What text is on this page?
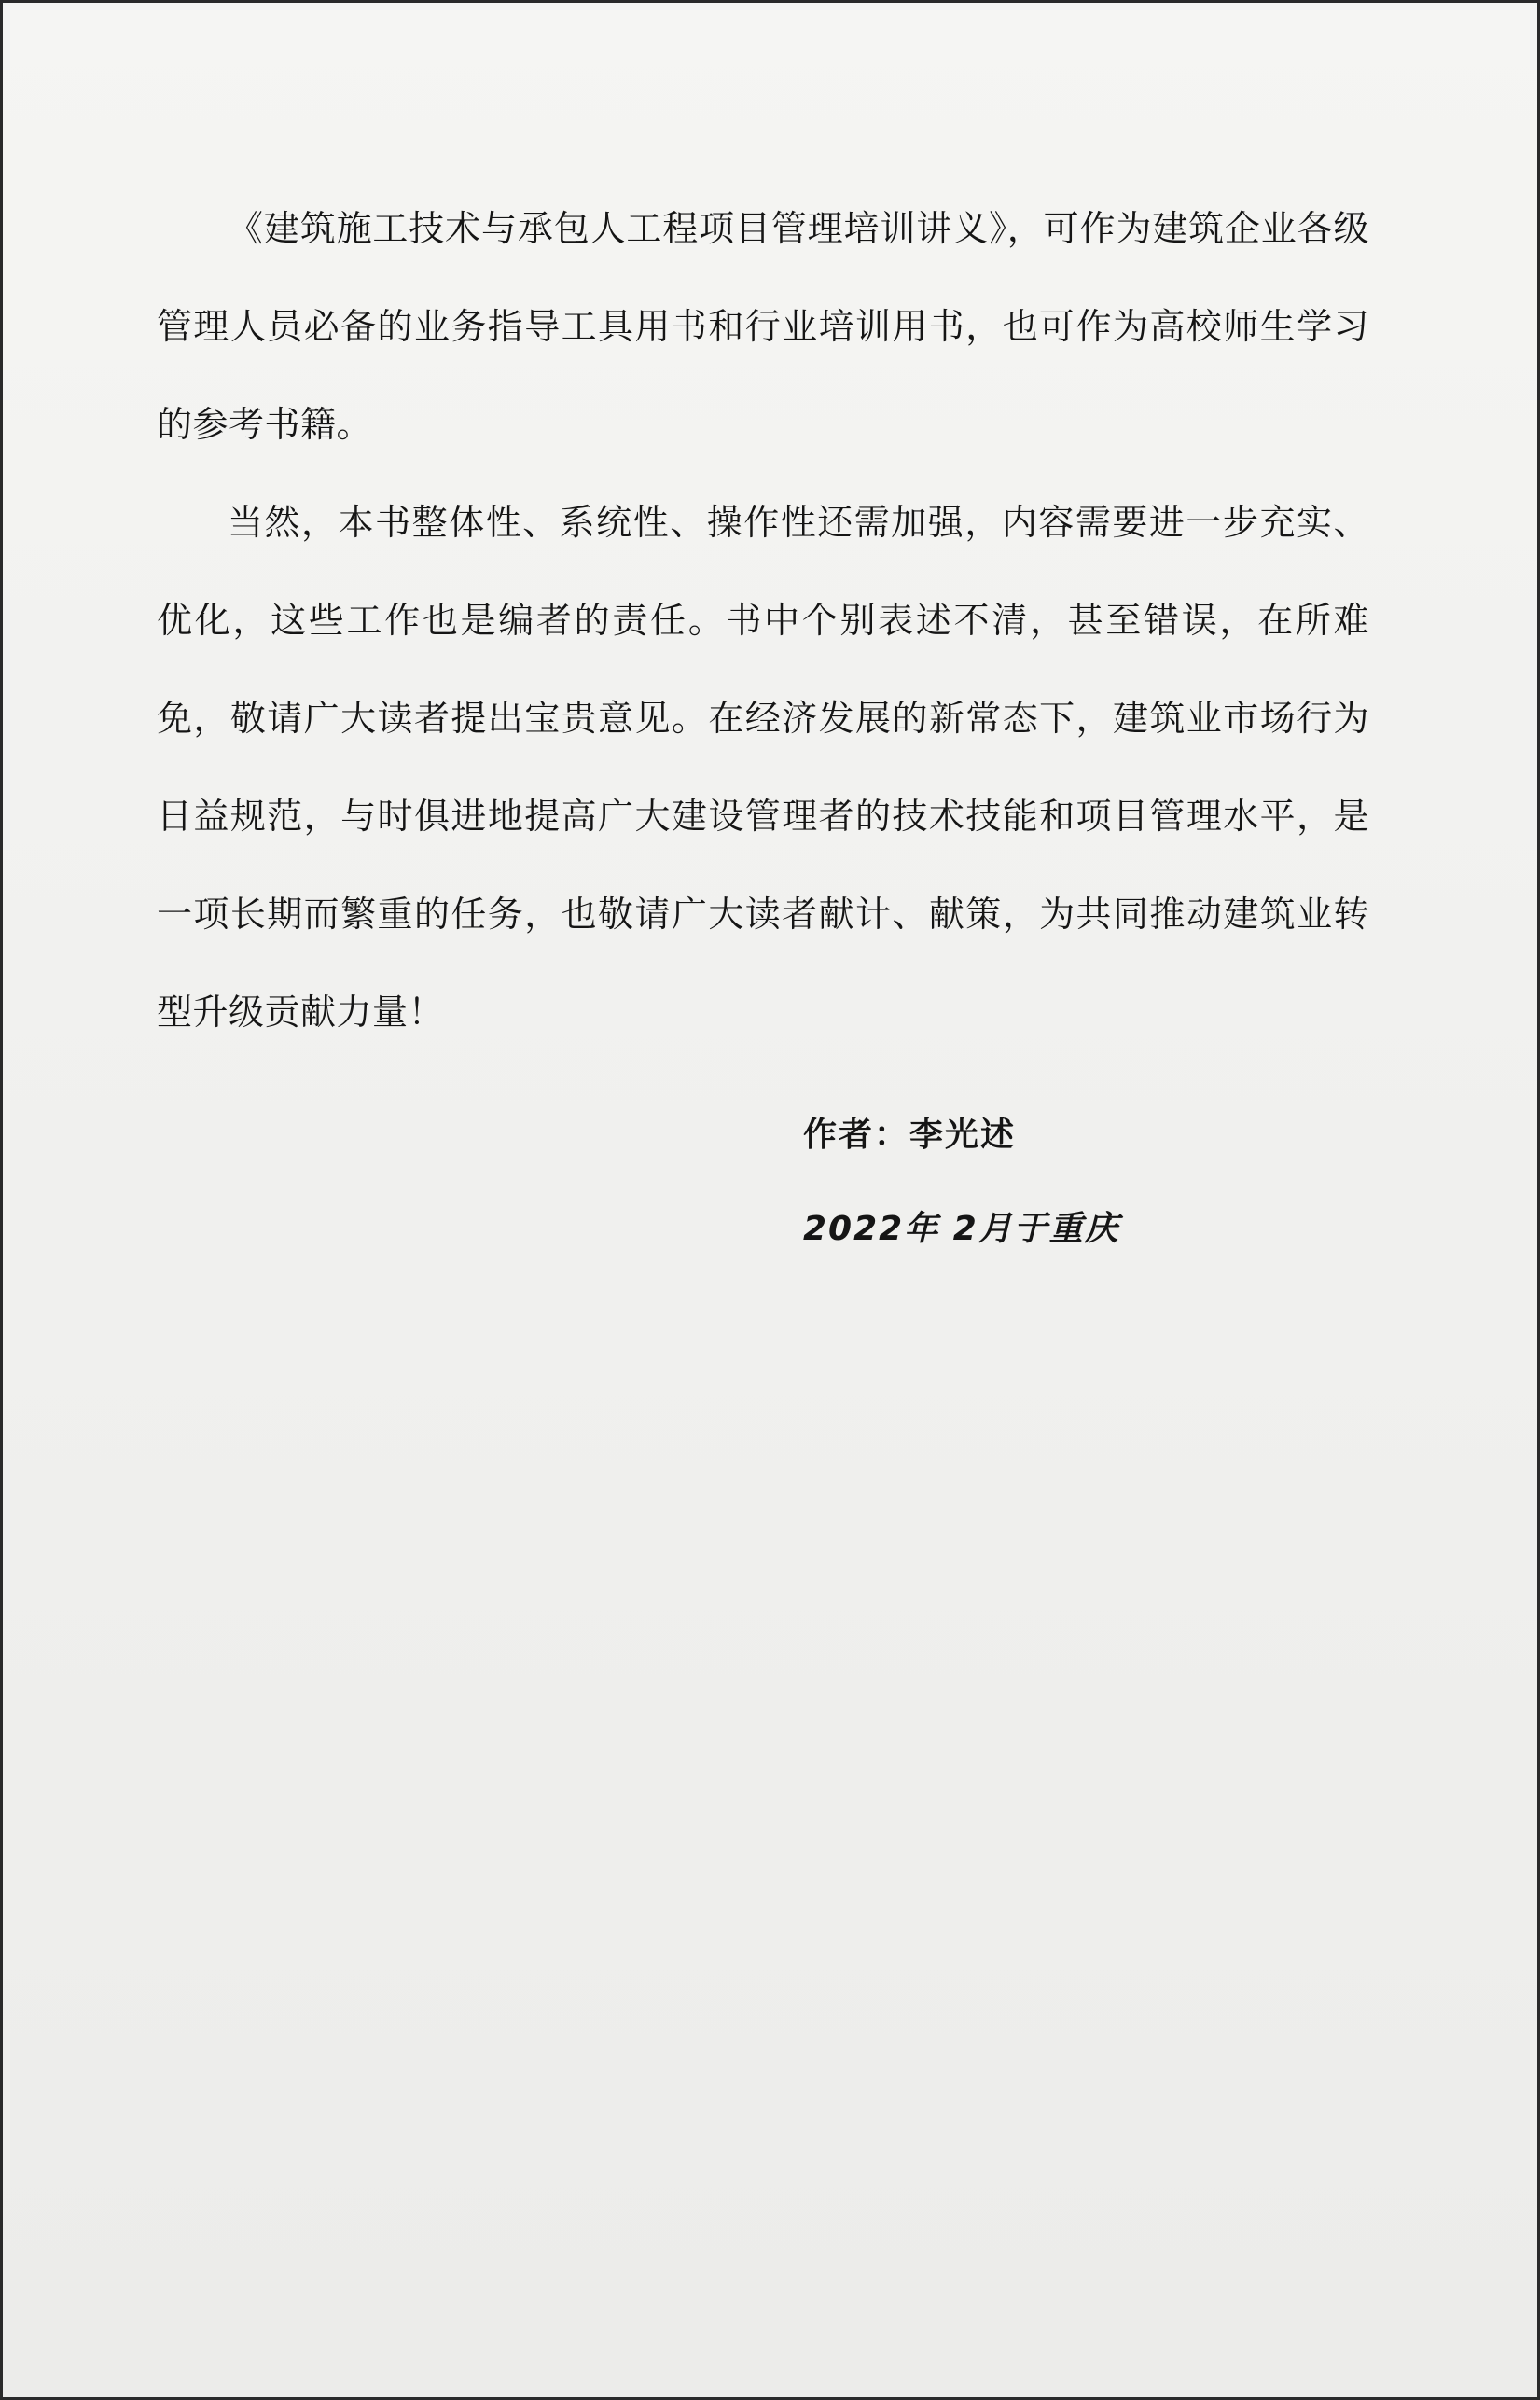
《建筑施工技术与承包人工程项目管理培训讲义》，可作为建筑企业各级管理人员必备的业务指导工具用书和行业培训用书，也可作为高校师生学习的参考书籍。

当然，本书整体性、系统性、操作性还需加强，内容需要进一步充实、优化，这些工作也是编者的责任。书中个别表述不清，甚至错误，在所难免，敬请广大读者提出宝贵意见。在经济发展的新常态下，建筑业市场行为日益规范，与时俱进地提高广大建设管理者的技术技能和项目管理水平，是一项长期而繁重的任务，也敬请广大读者献计、献策，为共同推动建筑业转型升级贡献力量！

作者：李光述
2022年 2月于重庆
